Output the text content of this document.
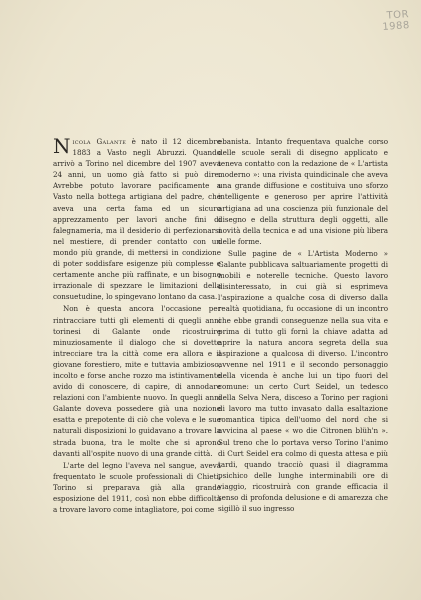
TOR
1988

Nicola Galante è nato il 12 dicembre 1883 a Vasto negli Abruzzi. Quando arrivò a Torino nel dicembre del 1907 aveva 24 anni, un uomo già fatto si può dire. Avrebbe potuto lavorare pacificamente a Vasto nella bottega artigiana del padre, che aveva una certa fama ed un sicuro apprezzamento per lavori anche fini di falegnameria, ma il desiderio di perfezionarsi nel mestiere, di prender contatto con un mondo più grande, di mettersi in condizione di poter soddisfare esigenze più complesse e certamente anche più raffinate, e un bisogno irrazionale di spezzare le limitazioni della consuetudine, lo spingevano lontano da casa.

Non è questa ancora l'occasione per rintracciare tutti gli elementi di quegli anni torinesi di Galante onde ricostruire minuziosamente il dialogo che si dovette intrecciare tra la città come era allora e il giovane forestiero, mite e tuttavia ambizioso, incolto e forse anche rozzo ma istintivamente avido di conoscere, di capire, di annodare relazioni con l'ambiente nuovo. In quegli anni Galante doveva possedere già una nozione esatta e prepotente di ciò che voleva e le sue naturali disposizioni lo guidavano a trovare la strada buona, tra le molte che si aprono davanti all'ospite nuovo di una grande città.

L'arte del legno l'aveva nel sangue, aveva frequentato le scuole professionali di Chieti, Torino si preparava già alla grande esposizione del 1911, così non ebbe difficoltà a trovare lavoro come intagliatore, poi come

ebanista. Intanto frequentava qualche corso delle scuole serali di disegno applicato e teneva contatto con la redazione de « L'artista moderno »: una rivista quindicinale che aveva una grande diffusione e costituiva uno sforzo intelligente e generoso per aprire l'attività artigiana ad una coscienza più funzionale del disegno e della struttura degli oggetti, alle novità della tecnica e ad una visione più libera delle forme.

Sulle pagine de « L'Artista Moderno » Galante pubblicava saltuariamente progetti di mobili e noterelle tecniche. Questo lavoro disinteressato, in cui già si esprimeva l'aspirazione a qualche cosa di diverso dalla realtà quotidiana, fu occasione di un incontro che ebbe grandi conseguenze nella sua vita e prima di tutto gli fornì la chiave adatta ad aprire la natura ancora segreta della sua aspirazione a qualcosa di diverso. L'incontro avvenne nel 1911 e il secondo personaggio della vicenda è anche lui un tipo fuori del comune: un certo Curt Seidel, un tedesco della Selva Nera, disceso a Torino per ragioni di lavoro ma tutto invasato dalla esaltazione romantica tipica dell'uomo del nord che si avvicina al paese « wo die Citronen blüh'n ». Sul treno che lo portava verso Torino l'animo di Curt Seidel era colmo di questa attesa e più tardi, quando tracciò quasi il diagramma psichico delle lunghe interminabili ore di viaggio, ricostruirà con grande efficacia il senso di profonda delusione e di amarezza che sigillò il suo ingresso
